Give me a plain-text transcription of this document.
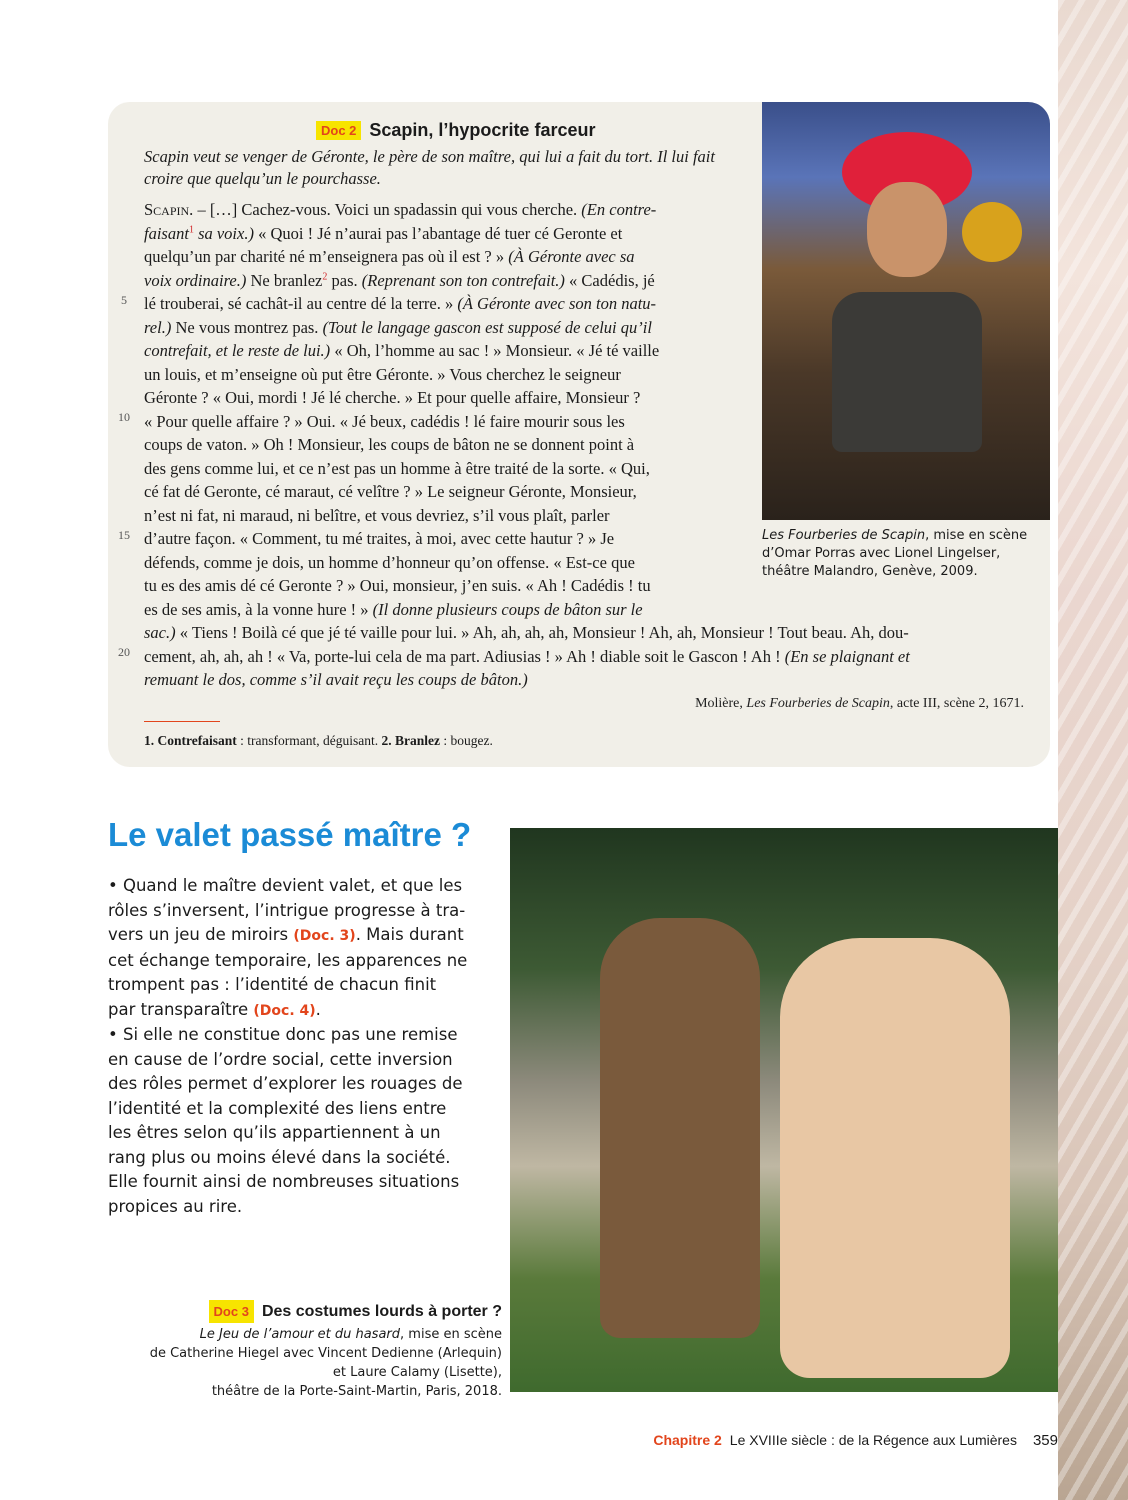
Doc 2 Scapin, l’hypocrite farceur
Scapin veut se venger de Géronte, le père de son maître, qui lui a fait du tort. Il lui fait croire que quelqu’un le pourchasse.
Scapin. – […] Cachez-vous. Voici un spadassin qui vous cherche. (En contre-
faisant$^1$ sa voix.) « Quoi ! Jé n’aurai pas l’abantage dé tuer cé Geronte et
quelqu’un par charité né m’enseignera pas où il est ? » (À Géronte avec sa
voix ordinaire.) Ne branlez$^2$ pas. (Reprenant son ton contrefait.) « Cadédis, jé
lé trouberai, sé cachât-il au centre dé la terre. » (À Géronte avec son ton natu-
rel.) Ne vous montrez pas. (Tout le langage gascon est supposé de celui qu’il
contrefait, et le reste de lui.) « Oh, l’homme au sac ! » Monsieur. « Jé té vaille
un louis, et m’enseigne où put être Géronte. » Vous cherchez le seigneur
Géronte ? « Oui, mordi ! Jé lé cherche. » Et pour quelle affaire, Monsieur ?
« Pour quelle affaire ? » Oui. « Jé beux, cadédis ! lé faire mourir sous les
coups de vaton. » Oh ! Monsieur, les coups de bâton ne se donnent point à
des gens comme lui, et ce n’est pas un homme à être traité de la sorte. « Qui,
cé fat dé Geronte, cé maraut, cé velître ? » Le seigneur Géronte, Monsieur,
n’est ni fat, ni maraud, ni belître, et vous devriez, s’il vous plaît, parler
d’autre façon. « Comment, tu mé traites, à moi, avec cette hautur ? » Je
défends, comme je dois, un homme d’honneur qu’on offense. « Est-ce que
tu es des amis dé cé Geronte ? » Oui, monsieur, j’en suis. « Ah ! Cadédis ! tu
es de ses amis, à la vonne hure ! » (Il donne plusieurs coups de bâton sur le
sac.) « Tiens ! Boilà cé que jé té vaille pour lui. » Ah, ah, ah, ah, Monsieur ! Ah, ah, Monsieur ! Tout beau. Ah, dou-
cement, ah, ah, ah ! « Va, porte-lui cela de ma part. Adiusias ! » Ah ! diable soit le Gascon ! Ah ! (En se plaignant et
remuant le dos, comme s’il avait reçu les coups de bâton.)
5
10
15
20
Molière, Les Fourberies de Scapin, acte III, scène 2, 1671.
1. Contrefaisant : transformant, déguisant. 2. Branlez : bougez.
Les Fourberies de Scapin, mise en scène d’Omar Porras avec Lionel Lingelser, théâtre Malandro, Genève, 2009.
Le valet passé maître ?

• Quand le maître devient valet, et que les rôles s’inversent, l’intrigue progresse à travers un jeu de miroirs (Doc. 3). Mais durant cet échange temporaire, les apparences ne trompent pas : l’identité de chacun finit par transparaître (Doc. 4).

• Si elle ne constitue donc pas une remise en cause de l’ordre social, cette inversion des rôles permet d’explorer les rouages de l’identité et la complexité des liens entre les êtres selon qu’ils appartiennent à un rang plus ou moins élevé dans la société. Elle fournit ainsi de nombreuses situations propices au rire.

Doc 3 Des costumes lourds à porter ?
Le Jeu de l’amour et du hasard, mise en scène
de Catherine Hiegel avec Vincent Dedienne (Arlequin)
et Laure Calamy (Lisette),
théâtre de la Porte-Saint-Martin, Paris, 2018.
Chapitre 2 Le XVIIIe siècle : de la Régence aux Lumières 359
